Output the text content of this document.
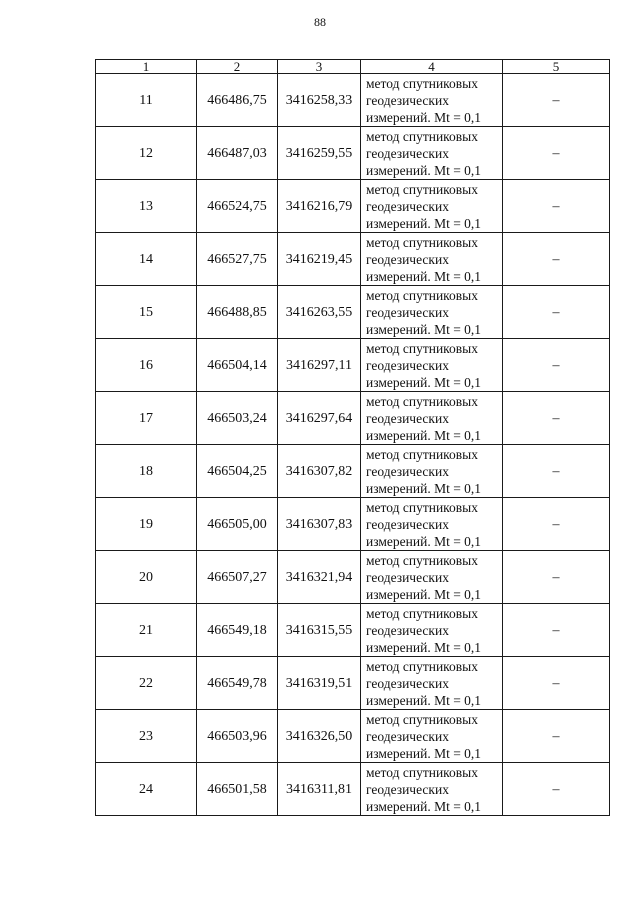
88
1	2	3	4	5
11	466486,75	3416258,33	метод спутниковых
геодезических
измерений. Mt = 0,1	–
12	466487,03	3416259,55	метод спутниковых
геодезических
измерений. Mt = 0,1	–
13	466524,75	3416216,79	метод спутниковых
геодезических
измерений. Mt = 0,1	–
14	466527,75	3416219,45	метод спутниковых
геодезических
измерений. Mt = 0,1	–
15	466488,85	3416263,55	метод спутниковых
геодезических
измерений. Mt = 0,1	–
16	466504,14	3416297,11	метод спутниковых
геодезических
измерений. Mt = 0,1	–
17	466503,24	3416297,64	метод спутниковых
геодезических
измерений. Mt = 0,1	–
18	466504,25	3416307,82	метод спутниковых
геодезических
измерений. Mt = 0,1	–
19	466505,00	3416307,83	метод спутниковых
геодезических
измерений. Mt = 0,1	–
20	466507,27	3416321,94	метод спутниковых
геодезических
измерений. Mt = 0,1	–
21	466549,18	3416315,55	метод спутниковых
геодезических
измерений. Mt = 0,1	–
22	466549,78	3416319,51	метод спутниковых
геодезических
измерений. Mt = 0,1	–
23	466503,96	3416326,50	метод спутниковых
геодезических
измерений. Mt = 0,1	–
24	466501,58	3416311,81	метод спутниковых
геодезических
измерений. Mt = 0,1	–
